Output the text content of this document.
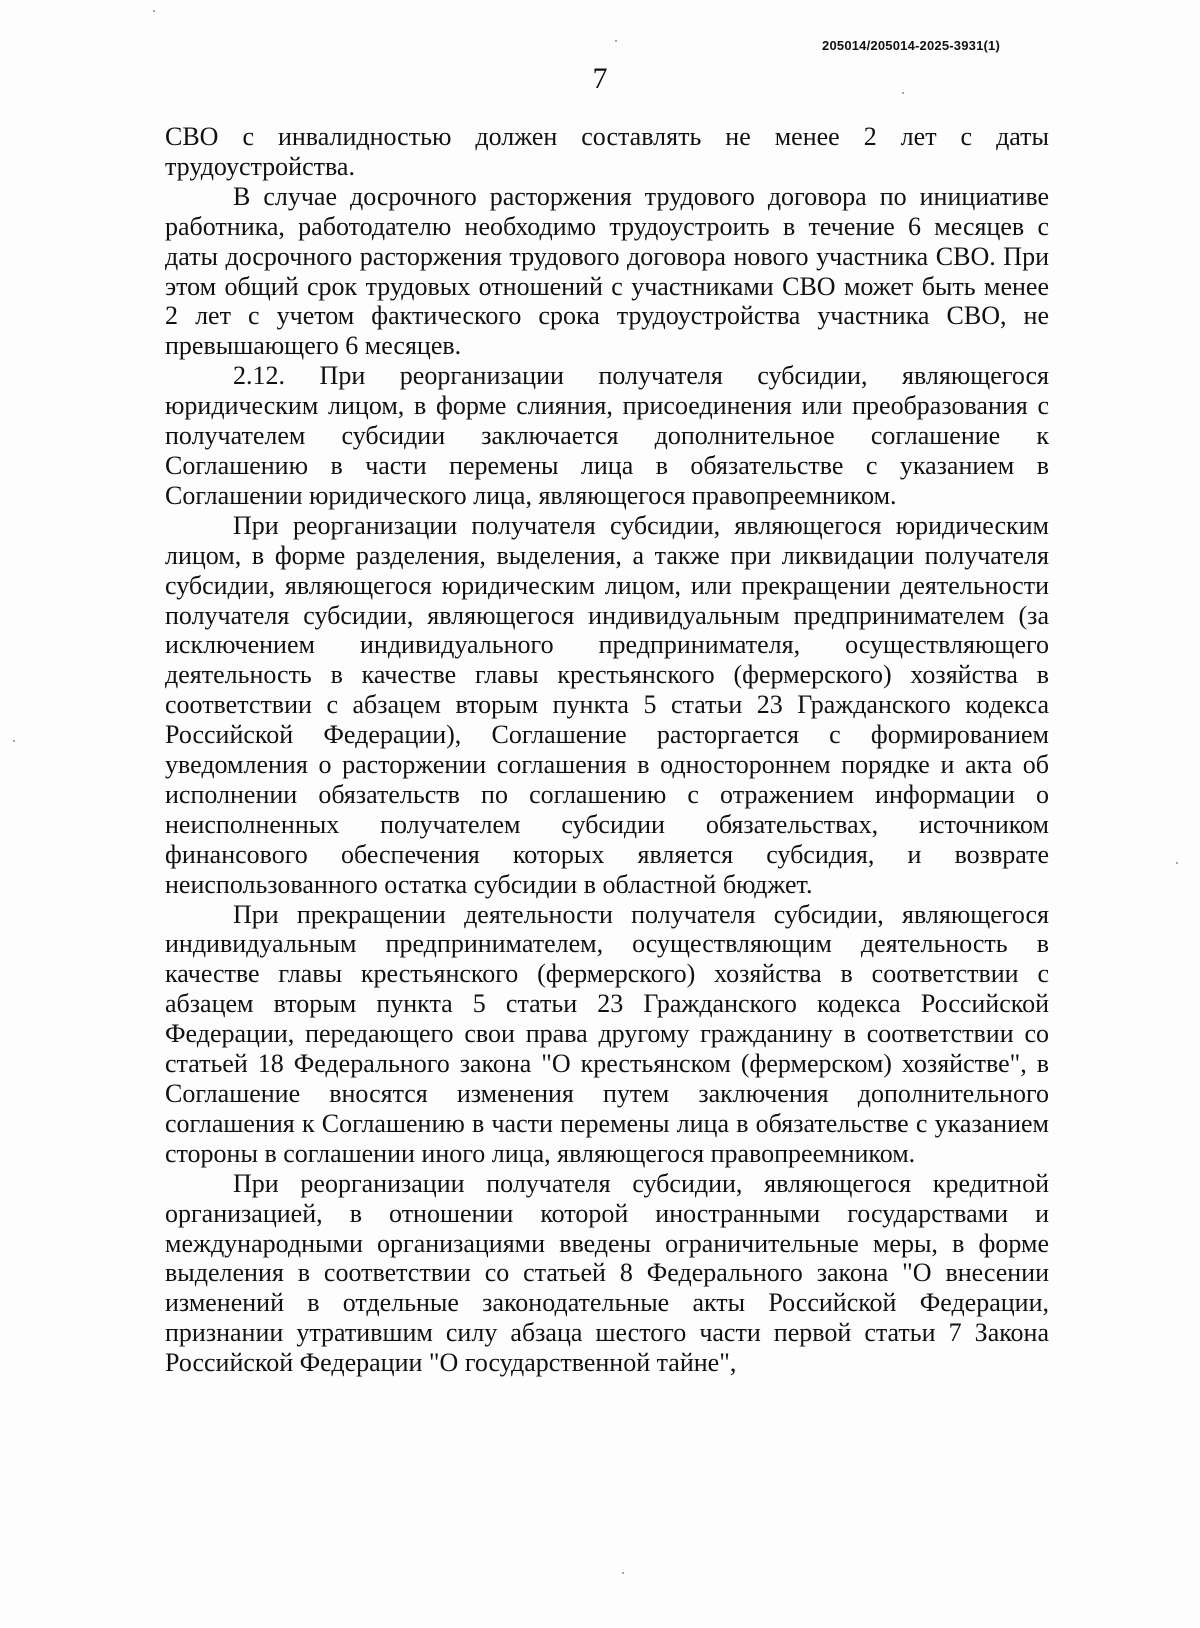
205014/205014-2025-3931(1)
7

СВО с инвалидностью должен составлять не менее 2 лет с даты трудоустройства.

В случае досрочного расторжения трудового договора по инициативе работника, работодателю необходимо трудоустроить в течение 6 месяцев с даты досрочного расторжения трудового договора нового участника СВО. При этом общий срок трудовых отношений с участниками СВО может быть менее 2 лет с учетом фактического срока трудоустройства участника СВО, не превышающего 6 месяцев.

2.12. При реорганизации получателя субсидии, являющегося юридическим лицом, в форме слияния, присоединения или преобразования с получателем субсидии заключается дополнительное соглашение к Соглашению в части перемены лица в обязательстве с указанием в Соглашении юридического лица, являющегося правопреемником.

При реорганизации получателя субсидии, являющегося юридическим лицом, в форме разделения, выделения, а также при ликвидации получателя субсидии, являющегося юридическим лицом, или прекращении деятельности получателя субсидии, являющегося индивидуальным предпринимателем (за исключением индивидуального предпринимателя, осуществляющего деятельность в качестве главы крестьянского (фермерского) хозяйства в соответствии с абзацем вторым пункта 5 статьи 23 Гражданского кодекса Российской Федерации), Соглашение расторгается с формированием уведомления о расторжении соглашения в одностороннем порядке и акта об исполнении обязательств по соглашению с отражением информации о неисполненных получателем субсидии обязательствах, источником финансового обеспечения которых является субсидия, и возврате неиспользованного остатка субсидии в областной бюджет.

При прекращении деятельности получателя субсидии, являющегося индивидуальным предпринимателем, осуществляющим деятельность в качестве главы крестьянского (фермерского) хозяйства в соответствии с абзацем вторым пункта 5 статьи 23 Гражданского кодекса Российской Федерации, передающего свои права другому гражданину в соответствии со статьей 18 Федерального закона "О крестьянском (фермерском) хозяйстве", в Соглашение вносятся изменения путем заключения дополнительного соглашения к Соглашению в части перемены лица в обязательстве с указанием стороны в соглашении иного лица, являющегося правопреемником.

При реорганизации получателя субсидии, являющегося кредитной организацией, в отношении которой иностранными государствами и международными организациями введены ограничительные меры, в форме выделения в соответствии со статьей 8 Федерального закона "О внесении изменений в отдельные законодательные акты Российской Федерации, признании утратившим силу абзаца шестого части первой статьи 7 Закона Российской Федерации "О государственной тайне",
